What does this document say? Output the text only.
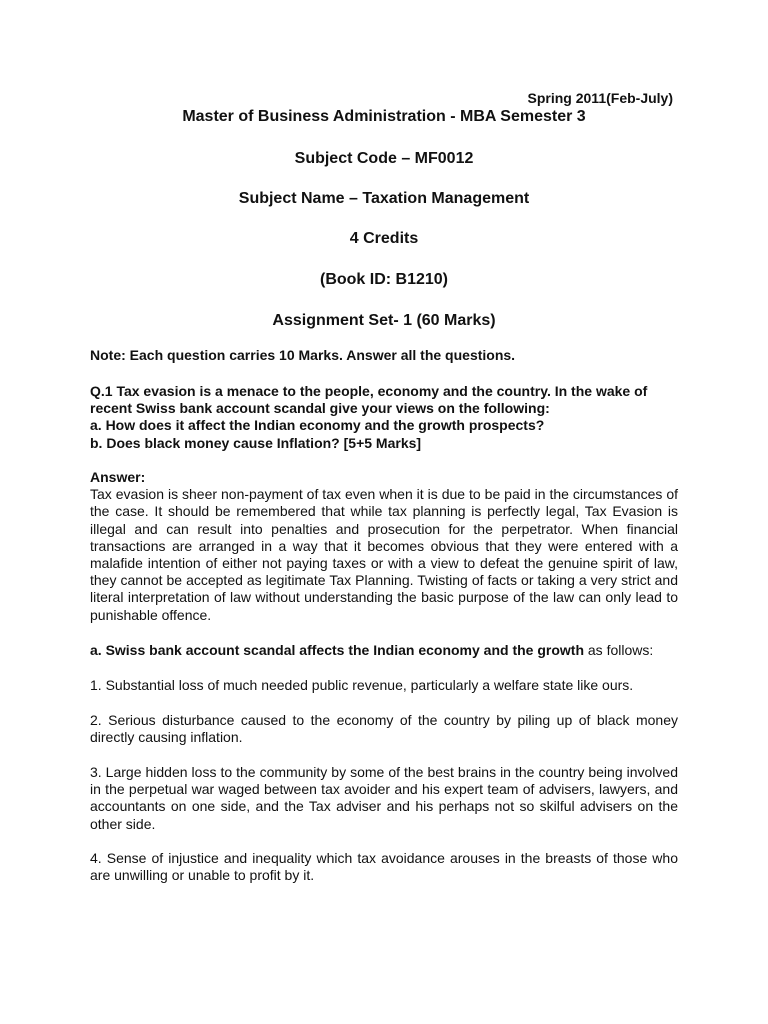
Spring 2011(Feb-July)
Master of Business Administration - MBA Semester 3
Subject Code – MF0012
Subject Name – Taxation Management
4 Credits
(Book ID: B1210)
Assignment Set- 1 (60 Marks)
Note: Each question carries 10 Marks. Answer all the questions.

Q.1 Tax evasion is a menace to the people, economy and the country. In the wake of recent Swiss bank account scandal give your views on the following:

a. How does it affect the Indian economy and the growth prospects?

b. Does black money cause Inflation? [5+5 Marks]

Answer:

Tax evasion is sheer non-payment of tax even when it is due to be paid in the circumstances of the case. It should be remembered that while tax planning is perfectly legal, Tax Evasion is illegal and can result into penalties and prosecution for the perpetrator. When financial transactions are arranged in a way that it becomes obvious that they were entered with a malafide intention of either not paying taxes or with a view to defeat the genuine spirit of law, they cannot be accepted as legitimate Tax Planning. Twisting of facts or taking a very strict and literal interpretation of law without understanding the basic purpose of the law can only lead to punishable offence.

a. Swiss bank account scandal affects the Indian economy and the growth as follows:
1. Substantial loss of much needed public revenue, particularly a welfare state like ours.
2. Serious disturbance caused to the economy of the country by piling up of black money directly causing inflation.
3. Large hidden loss to the community by some of the best brains in the country being involved in the perpetual war waged between tax avoider and his expert team of advisers, lawyers, and accountants on one side, and the Tax adviser and his perhaps not so skilful advisers on the other side.
4. Sense of injustice and inequality which tax avoidance arouses in the breasts of those who are unwilling or unable to profit by it.
